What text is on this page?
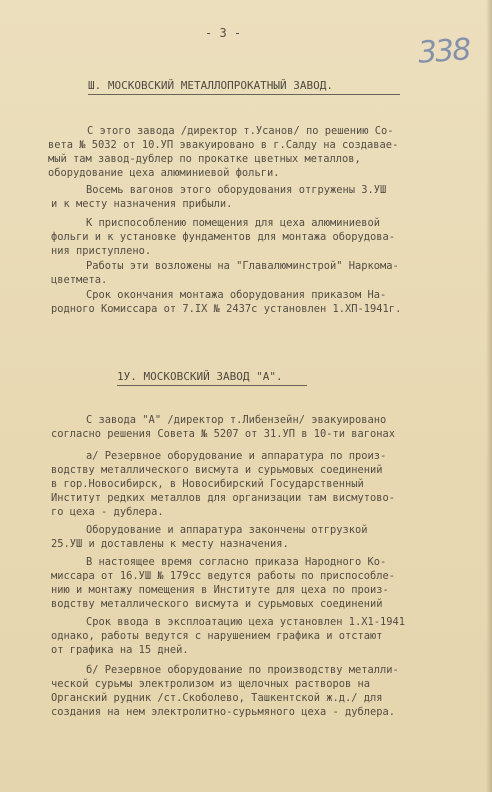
- 3 -	338
Ш. МОСКОВСКИЙ МЕТАЛЛОПРОКАТНЫЙ ЗАВОД.
С этого завода /директор т.Усанов/ по решению Со-
вета № 5032 от 10.УП эвакуировано в г.Салду на создавае-
мый там завод-дублер по прокатке цветных металлов,
оборудование цеха алюминиевой фольги.
Восемь вагонов этого оборудования отгружены 3.УШ
и к месту назначения прибыли.
К приспособлению помещения для цеха алюминиевой
фольги и к установке фундаментов для монтажа оборудова-
ния приступлено.
Работы эти возложены на "Главалюминстрой" Наркома-
цветмета.
Срок окончания монтажа оборудования приказом На-
родного Комиссара от 7.IX № 2437с установлен 1.ХП-1941г.
1У. МОСКОВСКИЙ ЗАВОД "А".
С завода "А" /директор т.Либензейн/ эвакуировано
согласно решения Совета № 5207 от 31.УП в 10-ти вагонах
а/ Резервное оборудование и аппаратура по произ-
водству металлического висмута и сурьмовых соединений
в гор.Новосибирск, в Новосибирский Государственный
Институт редких металлов для организации там висмутово-
го цеха - дублера.
Оборудование и аппаратура закончены отгрузкой
25.УШ и доставлены к месту назначения.
В настоящее время согласно приказа Народного Ко-
миссара от 16.УШ № 179сс ведутся работы по приспособле-
нию и монтажу помещения в Институте для цеха по произ-
водству металлического висмута и сурьмовых соединений
Срок ввода в эксплоатацию цеха установлен 1.Х1-1941
однако, работы ведутся с нарушением графика и отстают
от графика на 15 дней.
б/ Резервное оборудование по производству металли-
ческой сурьмы электролизом из щелочных растворов на
Органский рудник /ст.Скоболево, Ташкентской ж.д./ для
создания на нем электролитно-сурьмяного цеха - дублера.
